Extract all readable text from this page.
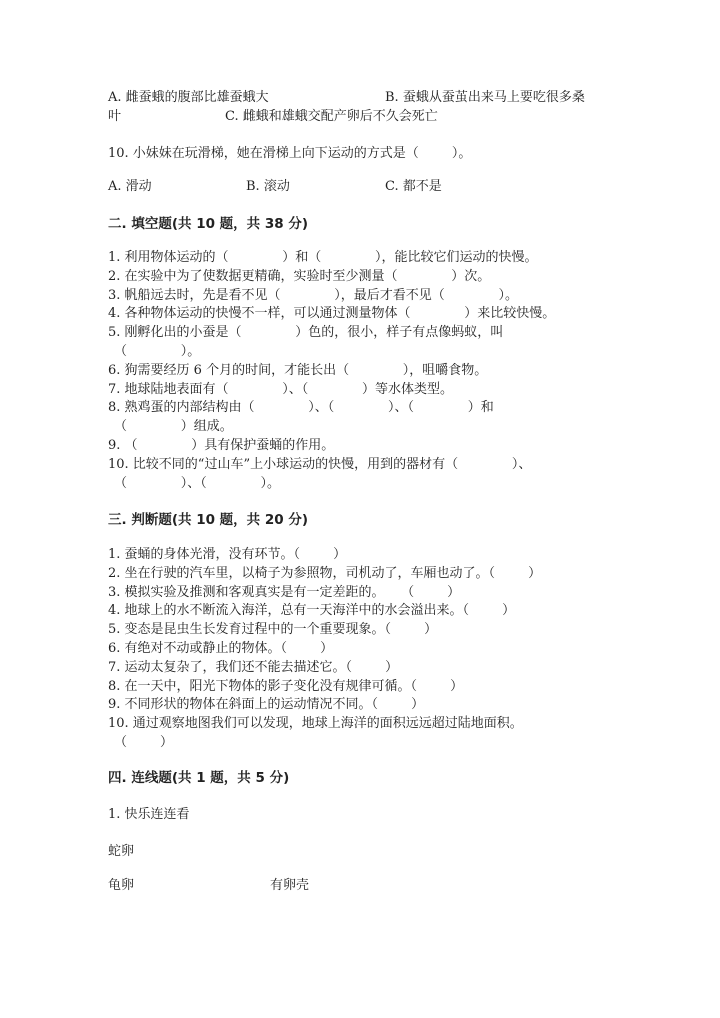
A. 雌蚕蛾的腹部比雄蚕蛾大	B. 蚕蛾从蚕茧出来马上要吃很多桑
叶	C. 雌蛾和雄蛾交配产卵后不久会死亡
10. 小妹妹在玩滑梯，她在滑梯上向下运动的方式是（        ）。
A. 滑动	B. 滚动	C. 都不是
二. 填空题(共 10 题，共 38 分)
1. 利用物体运动的（             ）和（             ），能比较它们运动的快慢。
2. 在实验中为了使数据更精确，实验时至少测量（             ）次。
3. 帆船远去时，先是看不见（             ），最后才看不见（             ）。
4. 各种物体运动的快慢不一样，可以通过测量物体（             ）来比较快慢。
5. 刚孵化出的小蚕是（             ）色的，很小，样子有点像蚂蚁，叫
（             ）。
6. 狗需要经历 6 个月的时间，才能长出（             ），咀嚼食物。
7. 地球陆地表面有（             ）、（             ）等水体类型。
8. 熟鸡蛋的内部结构由（             ）、（             ）、（             ）和
（             ）组成。
9. （             ）具有保护蚕蛹的作用。
10. 比较不同的“过山车”上小球运动的快慢，用到的器材有（             ）、
（             ）、（             ）。
三. 判断题(共 10 题，共 20 分)
1. 蚕蛹的身体光滑，没有环节。（        ）
2. 坐在行驶的汽车里，以椅子为参照物，司机动了，车厢也动了。（        ）
3. 模拟实验及推测和客观真实是有一定差距的。    （        ）
4. 地球上的水不断流入海洋，总有一天海洋中的水会溢出来。（        ）
5. 变态是昆虫生长发育过程中的一个重要现象。（        ）
6. 有绝对不动或静止的物体。（        ）
7. 运动太复杂了，我们还不能去描述它。（        ）
8. 在一天中，阳光下物体的影子变化没有规律可循。（        ）
9. 不同形状的物体在斜面上的运动情况不同。（        ）
10. 通过观察地图我们可以发现，地球上海洋的面积远远超过陆地面积。
（        ）
四. 连线题(共 1 题，共 5 分)
1. 快乐连连看
蛇卵
龟卵	有卵壳
